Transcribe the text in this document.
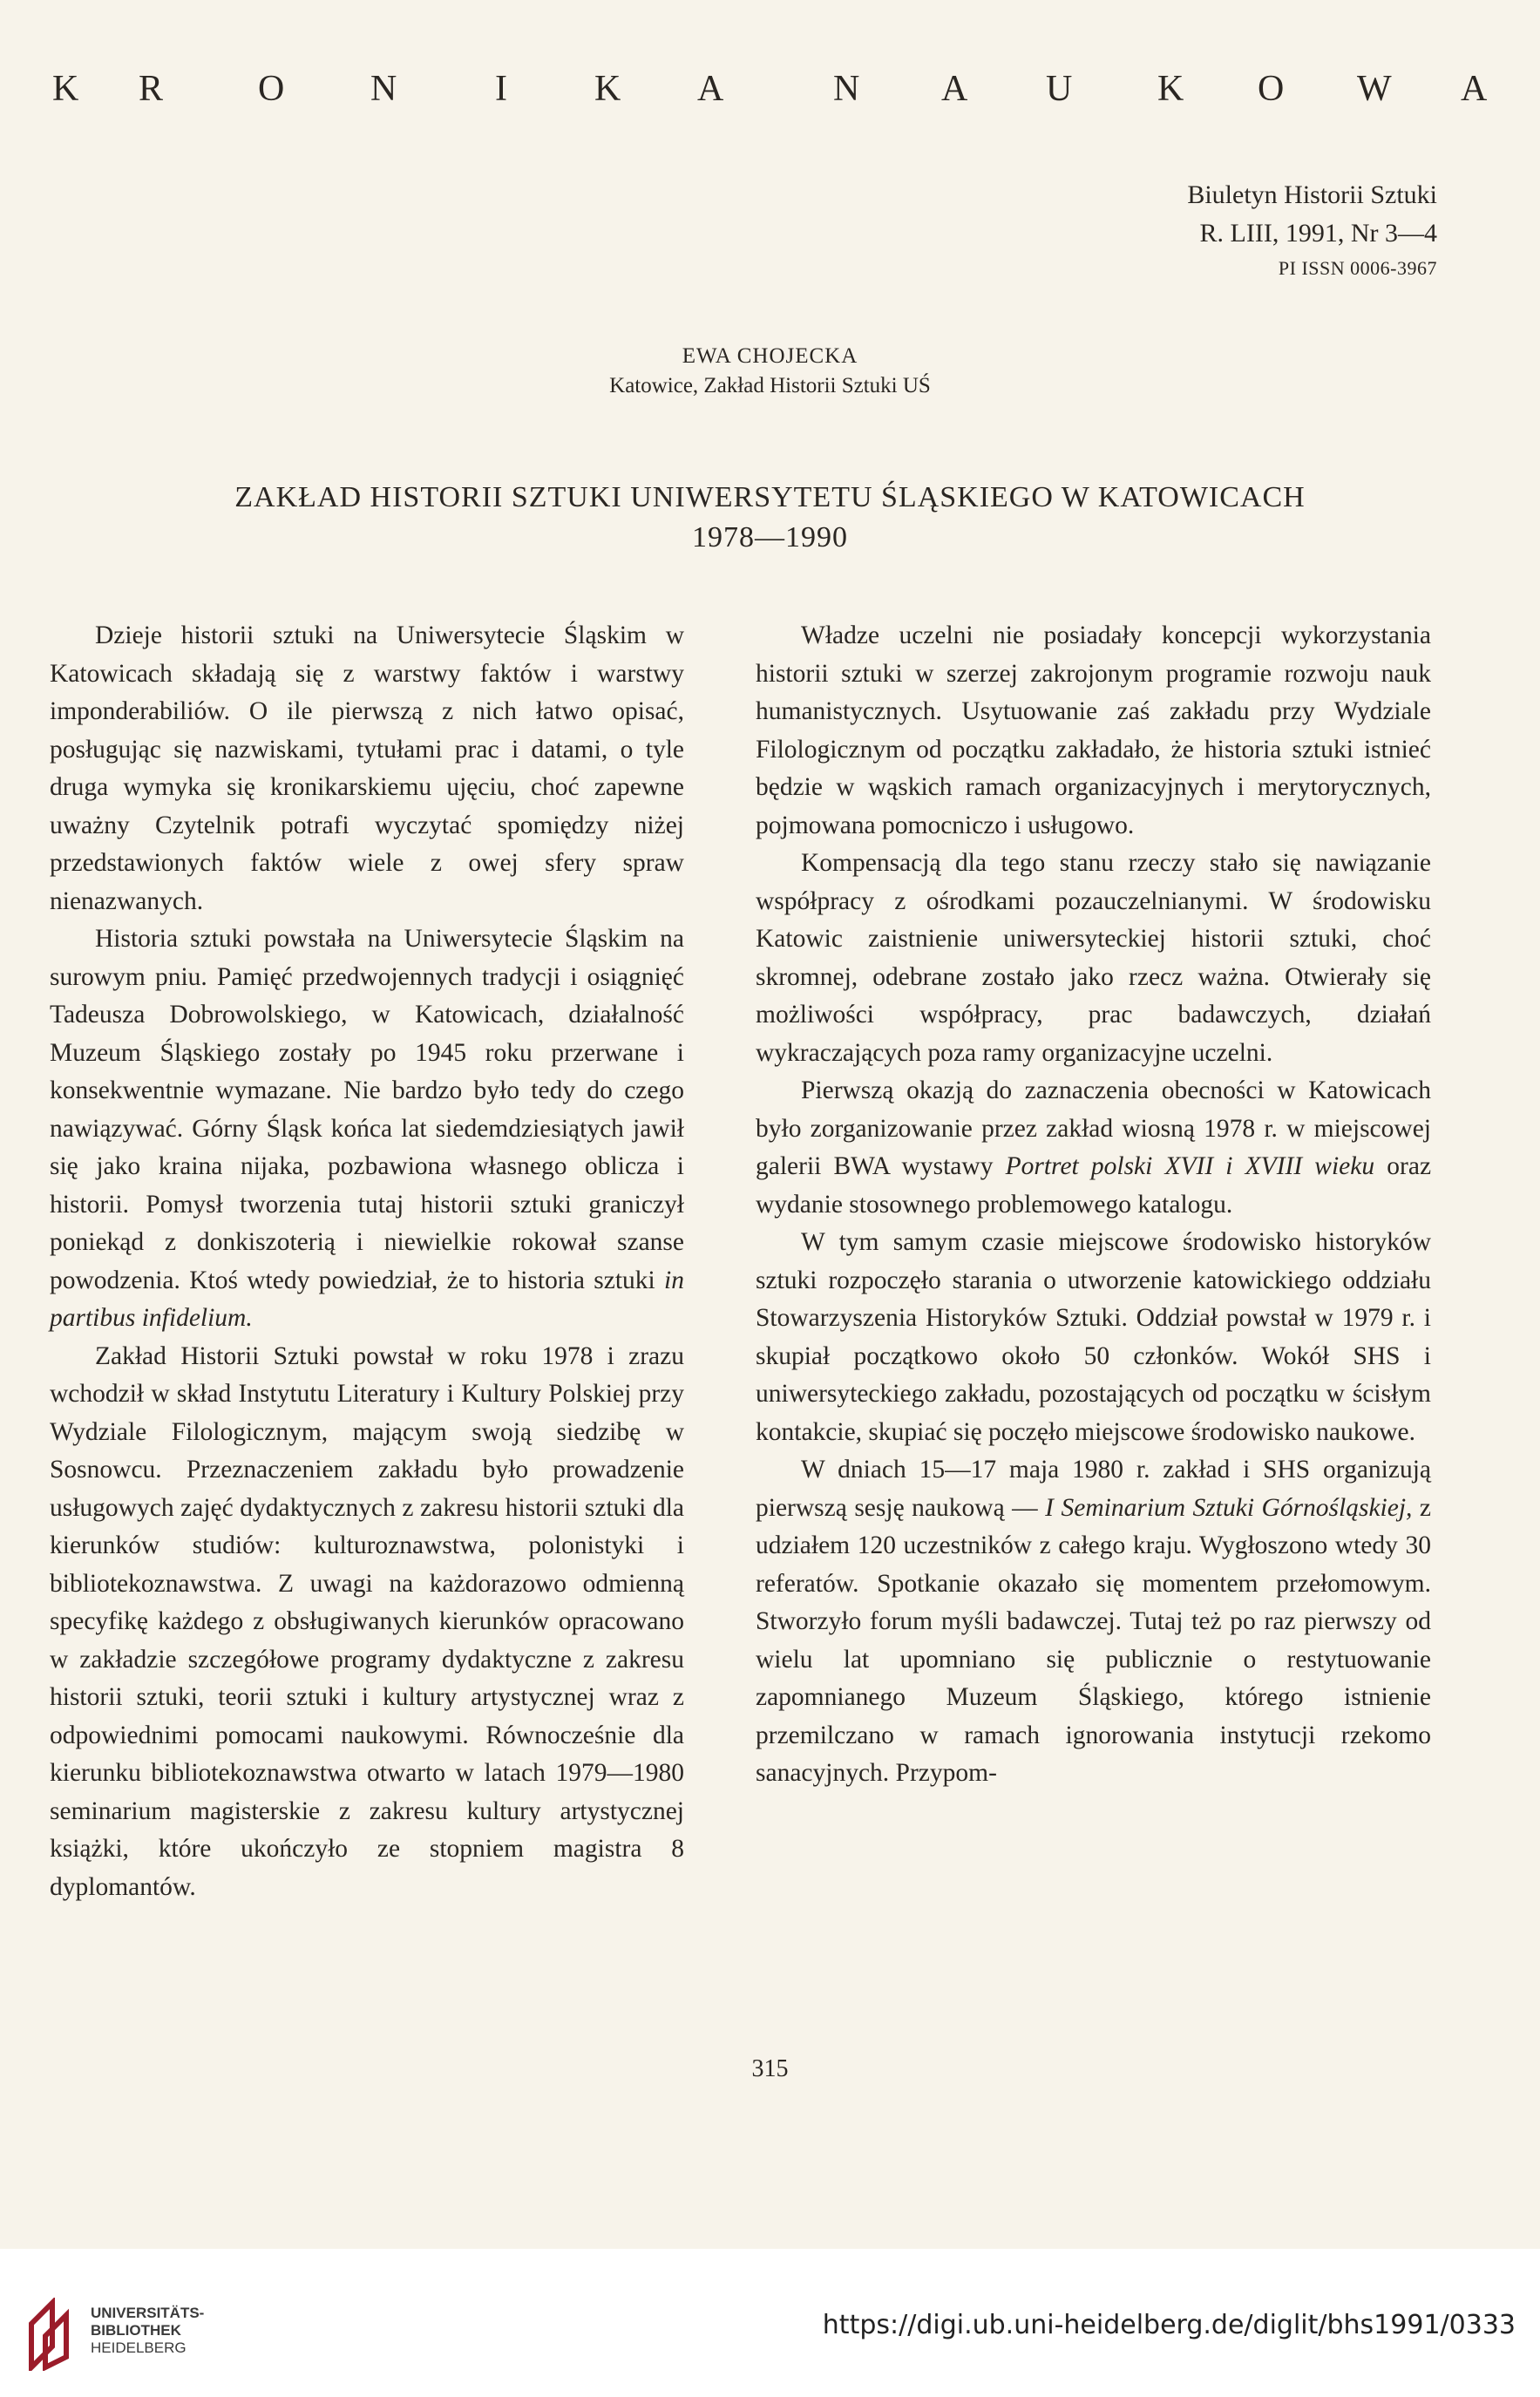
K R	O N	I K A	N A U K O W A
Biuletyn Historii Sztuki
R. LIII, 1991, Nr 3—4
PI ISSN 0006-3967
EWA CHOJECKA
Katowice, Zakład Historii Sztuki UŚ
ZAKŁAD HISTORII SZTUKI UNIWERSYTETU ŚLĄSKIEGO W KATOWICACH
1978—1990

Dzieje historii sztuki na Uniwersytecie Śląskim w Katowicach składają się z warstwy faktów i warstwy imponderabiliów. O ile pierwszą z nich łatwo opisać, posługując się nazwiskami, tytułami prac i datami, o tyle druga wymyka się kronikarskiemu ujęciu, choć zapewne uważny Czytelnik potrafi wyczytać spomiędzy niżej przedstawionych faktów wiele z owej sfery spraw nienazwanych.

Historia sztuki powstała na Uniwersytecie Śląskim na surowym pniu. Pamięć przedwojennych tradycji i osiągnięć Tadeusza Dobrowolskiego, w Katowicach, działalność Muzeum Śląskiego zostały po 1945 roku przerwane i konsekwentnie wymazane. Nie bardzo było tedy do czego nawiązywać. Górny Śląsk końca lat siedemdziesiątych jawił się jako kraina nijaka, pozbawiona własnego oblicza i historii. Pomysł tworzenia tutaj historii sztuki graniczył poniekąd z donkiszoterią i niewielkie rokował szanse powodzenia. Ktoś wtedy powiedział, że to historia sztuki in partibus infidelium.

Zakład Historii Sztuki powstał w roku 1978 i zrazu wchodził w skład Instytutu Literatury i Kultury Polskiej przy Wydziale Filologicznym, mającym swoją siedzibę w Sosnowcu. Przeznaczeniem zakładu było prowadzenie usługowych zajęć dydaktycznych z zakresu historii sztuki dla kierunków studiów: kulturoznawstwa, polonistyki i bibliotekoznawstwa. Z uwagi na każdorazowo odmienną specyfikę każdego z obsługiwanych kierunków opracowano w zakładzie szczegółowe programy dydaktyczne z zakresu historii sztuki, teorii sztuki i kultury artystycznej wraz z odpowiednimi pomocami naukowymi. Równocześnie dla kierunku bibliotekoznawstwa otwarto w latach 1979—1980 seminarium magisterskie z zakresu kultury artystycznej książki, które ukończyło ze stopniem magistra 8 dyplomantów.

Władze uczelni nie posiadały koncepcji wykorzystania historii sztuki w szerzej zakrojonym programie rozwoju nauk humanistycznych. Usytuowanie zaś zakładu przy Wydziale Filologicznym od początku zakładało, że historia sztuki istnieć będzie w wąskich ramach organizacyjnych i merytorycznych, pojmowana pomocniczo i usługowo.

Kompensacją dla tego stanu rzeczy stało się nawiązanie współpracy z ośrodkami pozauczelnianymi. W środowisku Katowic zaistnienie uniwersyteckiej historii sztuki, choć skromnej, odebrane zostało jako rzecz ważna. Otwierały się możliwości współpracy, prac badawczych, działań wykraczających poza ramy organizacyjne uczelni.

Pierwszą okazją do zaznaczenia obecności w Katowicach było zorganizowanie przez zakład wiosną 1978 r. w miejscowej galerii BWA wystawy Portret polski XVII i XVIII wieku oraz wydanie stosownego problemowego katalogu.

W tym samym czasie miejscowe środowisko historyków sztuki rozpoczęło starania o utworzenie katowickiego oddziału Stowarzyszenia Historyków Sztuki. Oddział powstał w 1979 r. i skupiał początkowo około 50 członków. Wokół SHS i uniwersyteckiego zakładu, pozostających od początku w ścisłym kontakcie, skupiać się poczęło miejscowe środowisko naukowe.

W dniach 15—17 maja 1980 r. zakład i SHS organizują pierwszą sesję naukową — I Seminarium Sztuki Górnośląskiej, z udziałem 120 uczestników z całego kraju. Wygłoszono wtedy 30 referatów. Spotkanie okazało się momentem przełomowym. Stworzyło forum myśli badawczej. Tutaj też po raz pierwszy od wielu lat upomniano się publicznie o restytuowanie zapomnianego Muzeum Śląskiego, którego istnienie przemilczano w ramach ignorowania instytucji rzekomo sanacyjnych. Przypom-

315
UNIVERSITÄTS-
BIBLIOTHEK
HEIDELBERG
https://digi.ub.uni-heidelberg.de/diglit/bhs1991/0333
